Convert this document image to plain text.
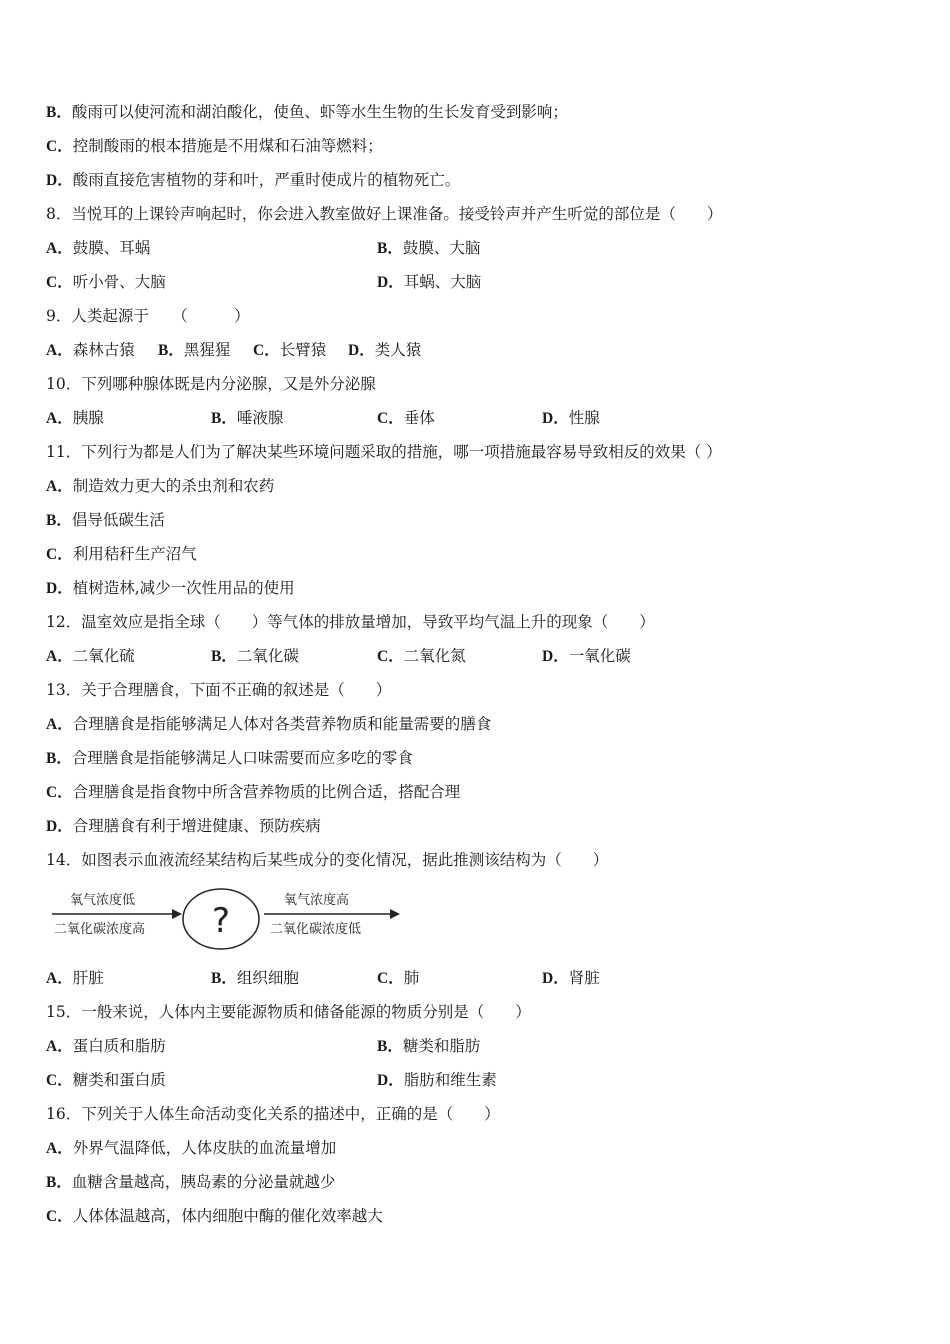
B．酸雨可以使河流和湖泊酸化，使鱼、虾等水生生物的生长发育受到影响；
C．控制酸雨的根本措施是不用煤和石油等燃料；
D．酸雨直接危害植物的芽和叶，严重时使成片的植物死亡。
8．当悦耳的上课铃声响起时，你会进入教室做好上课准备。接受铃声并产生听觉的部位是（　　）
A．鼓膜、耳蜗	B．鼓膜、大脑
C．听小骨、大脑	D．耳蜗、大脑
9．人类起源于　　（　　　）
A．森林古猿 B．黑猩猩 C．长臂猿 D．类人猿
10．下列哪种腺体既是内分泌腺，又是外分泌腺
A．胰腺	B．唾液腺	C．垂体	D．性腺
11．下列行为都是人们为了解决某些环境问题采取的措施，哪一项措施最容易导致相反的效果（ ）
A．制造效力更大的杀虫剂和农药
B．倡导低碳生活
C．利用秸秆生产沼气
D．植树造林,减少一次性用品的使用
12．温室效应是指全球（　　）等气体的排放量增加，导致平均气温上升的现象（　　）
A．二氧化硫	B．二氧化碳	C．二氧化氮	D．一氧化碳
13．关于合理膳食，下面不正确的叙述是（　　）
A．合理膳食是指能够满足人体对各类营养物质和能量需要的膳食
B．合理膳食是指能够满足人口味需要而应多吃的零食
C．合理膳食是指食物中所含营养物质的比例合适，搭配合理
D．合理膳食有利于增进健康、预防疾病
14．如图表示血液流经某结构后某些成分的变化情况，据此推测该结构为（　　）
氧气浓度低
二氧化碳浓度高 ?
氧气浓度高
二氧化碳浓度低
A．肝脏	B．组织细胞	C．肺	D．肾脏
15．一般来说，人体内主要能源物质和储备能源的物质分别是（　　）
A．蛋白质和脂肪	B．糖类和脂肪
C．糖类和蛋白质	D．脂肪和维生素
16．下列关于人体生命活动变化关系的描述中，正确的是（　　）
A．外界气温降低，人体皮肤的血流量增加
B．血糖含量越高，胰岛素的分泌量就越少
C．人体体温越高，体内细胞中酶的催化效率越大
